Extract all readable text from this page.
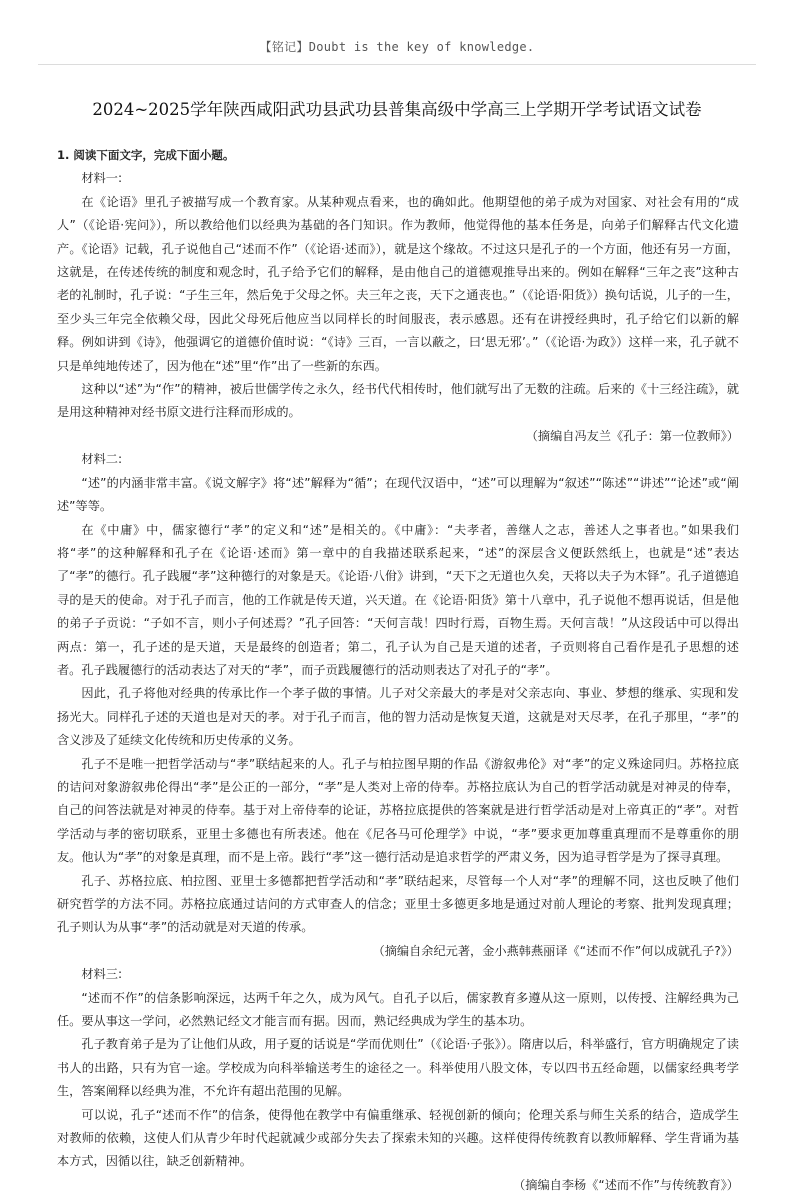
【铭记】Doubt is the key of knowledge.
2024~2025学年陕西咸阳武功县武功县普集高级中学高三上学期开学考试语文试卷

1. 阅读下面文字，完成下面小题。

材料一:

在《论语》里孔子被描写成一个教育家。从某种观点看来，也的确如此。他期望他的弟子成为对国家、对社会有用的“成人”（《论语·宪问》），所以教给他们以经典为基础的各门知识。作为教师，他觉得他的基本任务是，向弟子们解释古代文化遗产。《论语》记载，孔子说他自己“述而不作”（《论语·述而》），就是这个缘故。不过这只是孔子的一个方面，他还有另一方面，这就是，在传述传统的制度和观念时，孔子给予它们的解释，是由他自己的道德观推导出来的。例如在解释“三年之丧”这种古老的礼制时，孔子说：“子生三年，然后免于父母之怀。夫三年之丧，天下之通丧也。”（《论语·阳货》）换句话说，儿子的一生，至少头三年完全依赖父母，因此父母死后他应当以同样长的时间服丧，表示感恩。还有在讲授经典时，孔子给它们以新的解释。例如讲到《诗》，他强调它的道德价值时说：“《诗》三百，一言以蔽之，曰‘思无邪’。”（《论语·为政》）这样一来，孔子就不只是单纯地传述了，因为他在“述”里“作”出了一些新的东西。

这种以“述”为“作”的精神，被后世儒学传之永久，经书代代相传时，他们就写出了无数的注疏。后来的《十三经注疏》，就是用这种精神对经书原文进行注释而形成的。

（摘编自冯友兰《孔子：第一位教师》）

材料二:

“述”的内涵非常丰富。《说文解字》将“述”解释为“循”；在现代汉语中，“述”可以理解为“叙述”“陈述”“讲述”“论述”或“阐述”等等。

在《中庸》中，儒家德行“孝”的定义和“述”是相关的。《中庸》：“夫孝者，善继人之志，善述人之事者也。”如果我们将“孝”的这种解释和孔子在《论语·述而》第一章中的自我描述联系起来，“述”的深层含义便跃然纸上，也就是“述”表达了“孝”的德行。孔子践履“孝”这种德行的对象是天。《论语·八佾》讲到，“天下之无道也久矣，天将以夫子为木铎”。孔子道德追寻的是天的使命。对于孔子而言，他的工作就是传天道，兴天道。在《论语·阳货》第十八章中，孔子说他不想再说话，但是他的弟子子贡说：“子如不言，则小子何述焉？”孔子回答：“天何言哉！四时行焉，百物生焉。天何言哉！”从这段话中可以得出两点：第一，孔子述的是天道，天是最终的创造者；第二，孔子认为自己是天道的述者，子贡则将自己看作是孔子思想的述者。孔子践履德行的活动表达了对天的“孝”，而子贡践履德行的活动则表达了对孔子的“孝”。

因此，孔子将他对经典的传承比作一个孝子做的事情。儿子对父亲最大的孝是对父亲志向、事业、梦想的继承、实现和发扬光大。同样孔子述的天道也是对天的孝。对于孔子而言，他的智力活动是恢复天道，这就是对天尽孝，在孔子那里，“孝”的含义涉及了延续文化传统和历史传承的义务。

孔子不是唯一把哲学活动与“孝”联结起来的人。孔子与柏拉图早期的作品《游叙弗伦》对“孝”的定义殊途同归。苏格拉底的诘问对象游叙弗伦得出“孝”是公正的一部分，“孝”是人类对上帝的侍奉。苏格拉底认为自己的哲学活动就是对神灵的侍奉，自己的问答法就是对神灵的侍奉。基于对上帝侍奉的论证，苏格拉底提供的答案就是进行哲学活动是对上帝真正的“孝”。对哲学活动与孝的密切联系，亚里士多德也有所表述。他在《尼各马可伦理学》中说，“孝”要求更加尊重真理而不是尊重你的朋友。他认为“孝”的对象是真理，而不是上帝。践行“孝”这一德行活动是追求哲学的严肃义务，因为追寻哲学是为了探寻真理。

孔子、苏格拉底、柏拉图、亚里士多德都把哲学活动和“孝”联结起来，尽管每一个人对“孝”的理解不同，这也反映了他们研究哲学的方法不同。苏格拉底通过诘问的方式审查人的信念；亚里士多德更多地是通过对前人理论的考察、批判发现真理；孔子则认为从事“孝”的活动就是对天道的传承。

（摘编自余纪元著，金小燕韩燕丽译《“述而不作”何以成就孔子?》）

材料三:

“述而不作”的信条影响深远，达两千年之久，成为风气。自孔子以后，儒家教育多遵从这一原则，以传授、注解经典为己任。要从事这一学问，必然熟记经文才能言而有据。因而，熟记经典成为学生的基本功。

孔子教育弟子是为了让他们从政，用子夏的话说是“学而优则仕”（《论语·子张》）。隋唐以后，科举盛行，官方明确规定了读书人的出路，只有为官一途。学校成为向科举输送考生的途径之一。科举使用八股文体，专以四书五经命题，以儒家经典考学生，答案阐释以经典为准，不允许有超出范围的见解。

可以说，孔子“述而不作”的信条，使得他在教学中有偏重继承、轻视创新的倾向；伦理关系与师生关系的结合，造成学生对教师的依赖，这使人们从青少年时代起就减少或部分失去了探索未知的兴趣。这样使得传统教育以教师解释、学生背诵为基本方式，因循以往，缺乏创新精神。

（摘编自李杨《“述而不作”与传统教育》）
